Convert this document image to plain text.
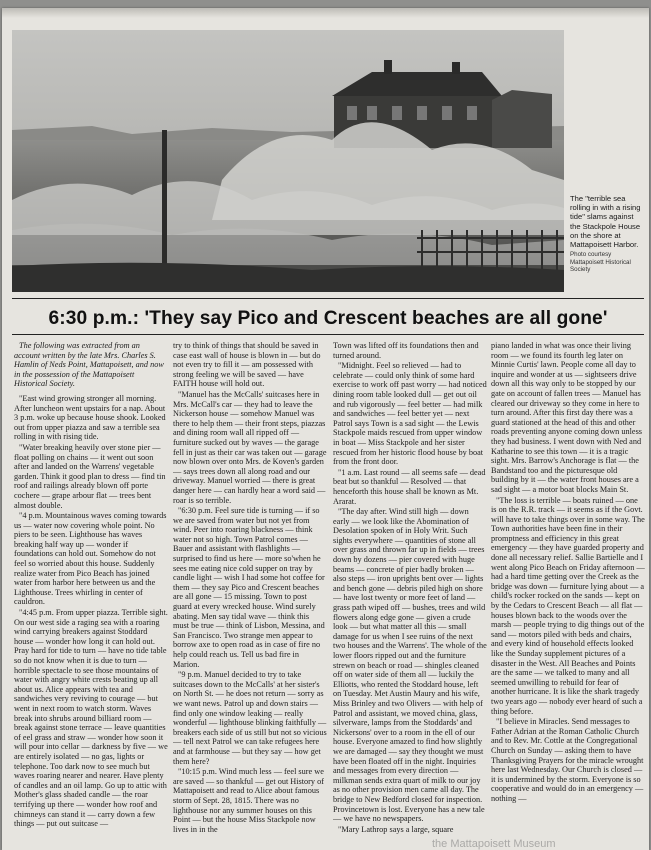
The "terrible sea rolling in with a rising tide" slams against the Stackpole House on the shore at Mattapoisett Harbor.
Photo courtesy Mattapoisett Historical Society
6:30 p.m.: 'They say Pico and Crescent beaches are all gone'

The following was extracted from an account written by the late Mrs. Charles S. Hamlin of Neds Point, Mattapoisett, and now in the possession of the Mattapoisett Historical Society.

"East wind growing stronger all morning. After luncheon went upstairs for a nap. About 3 p.m. woke up because house shook. Looked out from upper piazza and saw a terrible sea rolling in with rising tide.

"Water breaking heavily over stone pier — float polling on chains — it went out soon after and landed on the Warrens' vegetable garden. Think it good plan to dress — find tin roof and railings already blown off porte cochere — grape arbour flat — trees bent almost double.

"4 p.m. Mountainous waves coming towards us — water now covering whole point. No piers to be seen. Lighthouse has waves breaking half way up — wonder if foundations can hold out. Somehow do not feel so worried about this house. Suddenly realize water from Pico Beach has joined water from harbor here between us and the Lighthouse. Trees whirling in center of cauldron.

"4:45 p.m. From upper piazza. Terrible sight. On our west side a raging sea with a roaring wind carrying breakers against Stoddard house — wonder how long it can hold out. Pray hard for tide to turn — have no tide table so do not know when it is due to turn — horrible spectacle to see those mountains of water with angry white crests beating up all about us. Alice appears with tea and sandwiches very reviving to courage — but went in next room to watch storm. Waves break into shrubs around billiard room — break against stone terrace — leave quantities of eel grass and straw — wonder how soon it will pour into cellar — darkness by five — we are entirely isolated — no gas, lights or telephone. Too dark now to see much but waves roaring nearer and nearer. Have plenty of candles and an oil lamp. Go up to attic with Mother's glass shaded candle — the roar terrifying up there — wonder how roof and chimneys can stand it — carry down a few things — put out suitcase —

try to think of things that should be saved in case east wall of house is blown in — but do not even try to fill it — am possessed with strong feeling we will be saved — have FAITH house will hold out.

"Manuel has the McCalls' suitcases here in Mrs. McCall's car — they had to leave the Nickerson house — somehow Manuel was there to help them — their front steps, piazzas and dining room wall all ripped off — furniture sucked out by waves — the garage fell in just as their car was taken out — garage now blown over onto Mrs. de Koven's garden — says trees down all along road and our driveway. Manuel worried — there is great danger here — can hardly hear a word said — roar is so terrible.

"6:30 p.m. Feel sure tide is turning — if so we are saved from water but not yet from wind. Peer into roaring blackness — think water not so high. Town Patrol comes — Bauer and assistant with flashlights — surprised to find us here — more so'when he sees me eating nice cold supper on tray by candle light — wish I had some hot coffee for them — they say Pico and Crescent beaches are all gone — 15 missing. Town to post guard at every wrecked house. Wind surely abating. Men say tidal wave — think this must be true — think of Lisbon, Messina, and San Francisco. Two strange men appear to borrow axe to open road as in case of fire no help could reach us. Tell us bad fire in Marion.

"9 p.m. Manuel decided to try to take suitcases down to the McCalls' at her sister's on North St. — he does not return — sorry as we want news. Patrol up and down stairs — find only one window leaking — really wonderful — lighthouse blinking faithfully — breakers each side of us still but not so vicious — tell next Patrol we can take refugees here and at farmhouse — but they say — how get them here?

"10:15 p.m. Wind much less — feel sure we are saved — so thankful — get out History of Mattapoisett and read to Alice about famous storm of Sept. 28, 1815. There was no lighthouse nor any summer houses on this Point — but the house Miss Stackpole now lives in in the

Town was lifted off its foundations then and turned around.

"Midnight. Feel so relieved — had to celebrate — could only think of some hard exercise to work off past worry — had noticed dining room table looked dull — get out oil and rub vigorously — feel better — had milk and sandwiches — feel better yet — next Patrol says Town is a sad sight — the Lewis Stackpole maids rescued from upper window in boat — Miss Stackpole and her sister rescued from her historic flood house by boat from the front door.

"1 a.m. Last round — all seems safe — dead beat but so thankful — Resolved — that henceforth this house shall be known as Mt. Ararat.

"The day after. Wind still high — down early — we look like the Abomination of Desolation spoken of in Holy Writ. Such sights everywhere — quantities of stone all over grass and thrown far up in fields — trees down by dozens — pier covered with huge beams — concrete of pier badly broken — also steps — iron uprights bent over — lights and bench gone — debris piled high on shore — have lost twenty or more feet of land — grass path wiped off — bushes, trees and wild flowers along edge gone — given a crude look — but what matter all this — small damage for us when I see ruins of the next two houses and the Warrens'. The whole of the lower floors ripped out and the furniture strewn on beach or road — shingles cleaned off on water side of them all — luckily the Elliotts, who rented the Stoddard house, left on Tuesday. Met Austin Maury and his wife, Miss Brinley and two Olivers — with help of Patrol and assistant, we moved china, glass, silverware, lamps from the Stoddards' and Nickersons' over to a room in the ell of our house. Everyone amazed to find how slightly we are damaged — say they thought we must have been floated off in the night. Inquiries and messages from every direction — milkman sends extra quart of milk to our joy as no other provision men came all day. The bridge to New Bedford closed for inspection. Provincetown is lost. Everyone has a new tale — we have no newspapers.

"Mary Lathrop says a large, square

piano landed in what was once their living room — we found its fourth leg later on Minnie Curtis' lawn. People come all day to inquire and wonder at us — sightseers drive down all this way only to be stopped by our gate on account of fallen trees — Manuel has cleared our driveway so they come in here to turn around. After this first day there was a guard stationed at the head of this and other roads preventing anyone coming down unless they had business. I went down with Ned and Katharine to see this town — it is a tragic sight. Mrs. Barrow's Anchorage is flat — the Bandstand too and the picturesque old building by it — the water front houses are a sad sight — a motor boat blocks Main St.

"The loss is terrible — boats ruined — one is on the R.R. track — it seems as if the Govt. will have to take things over in some way. The Town authorities have been fine in their promptness and efficiency in this great emergency — they have guarded property and done all necessary relief. Sallie Bartielle and I went along Pico Beach on Friday afternoon — had a hard time getting over the Creek as the bridge was down — furniture lying about — a child's rocker rocked on the sands — kept on by the Cedars to Crescent Beach — all flat — houses blown back to the woods over the marsh — people trying to dig things out of the sand — motors piled with beds and chairs, and every kind of household effects looked like the Sunday supplement pictures of a disaster in the West. All Beaches and Points are the same — we talked to many and all seemed unwilling to rebuild for fear of another hurricane. It is like the shark tragedy two years ago — nobody ever heard of such a thing before.

"I believe in Miracles. Send messages to Father Adrian at the Roman Catholic Church and to Rev. Mr. Cottle at the Congregational Church on Sunday — asking them to have Thanksgiving Prayers for the miracle wrought here last Wednesday. Our Church is closed — it is undermined by the storm. Everyone is so cooperative and would do in an emergency — nothing —

the Mattapoisett Museum
